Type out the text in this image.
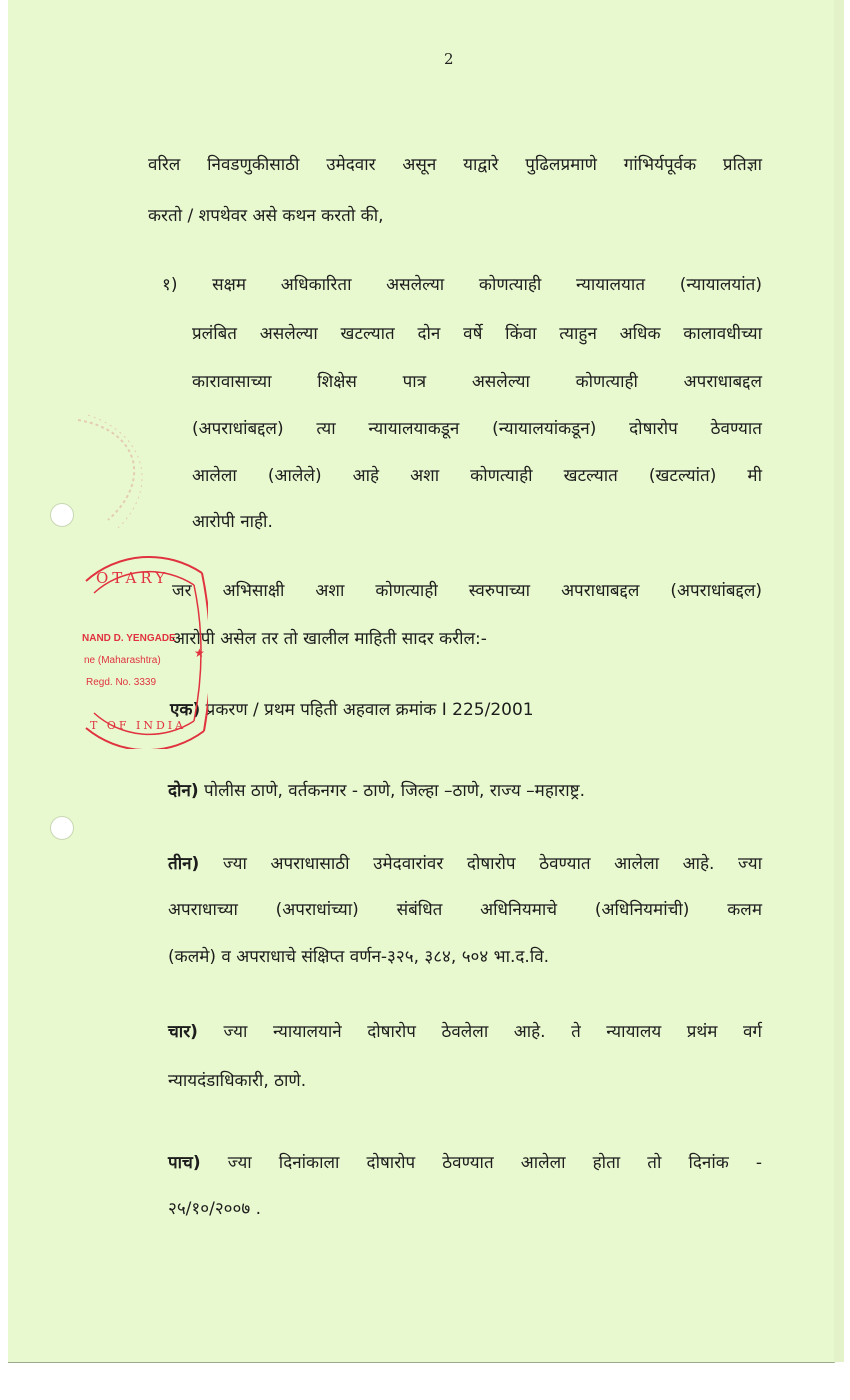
2
वरिल निवडणुकीसाठी उमेदवार असून याद्वारे पुढिलप्रमाणे गांभिर्यपूर्वक प्रतिज्ञा
करतो / शपथेवर असे कथन करतो की,
१) सक्षम अधिकारिता असलेल्या कोणत्याही न्यायालयात (न्यायालयांत)
प्रलंबित असलेल्या खटल्यात दोन वर्षे किंवा त्याहुन अधिक कालावधीच्या
कारावासाच्या शिक्षेस पात्र असलेल्या कोणत्याही अपराधाबद्दल
(अपराधांबद्दल) त्या न्यायालयाकडून (न्यायालयांकडून) दोषारोप ठेवण्यात
आलेला (आलेले) आहे अशा कोणत्याही खटल्यात (खटल्यांत) मी
आरोपी नाही.
जर अभिसाक्षी अशा कोणत्याही स्वरुपाच्या अपराधाबद्दल (अपराधांबद्दल)
आरोपी असेल तर तो खालील माहिती सादर करील:-
एक) प्रकरण / प्रथम पहिती अहवाल क्रमांक I 225/2001
दोन) पोलीस ठाणे, वर्तकनगर - ठाणे, जिल्हा –ठाणे, राज्य –महाराष्ट्र.
तीन) ज्या अपराधासाठी उमेदवारांवर दोषारोप ठेवण्यात आलेला आहे. ज्या
अपराधाच्या (अपराधांच्या) संबंधित अधिनियमाचे (अधिनियमांची) कलम
(कलमे) व अपराधाचे संक्षिप्त वर्णन-३२५, ३८४, ५०४ भा.द.वि.
चार) ज्या न्यायालयाने दोषारोप ठेवलेला आहे. ते न्यायालय प्रथंम वर्ग
न्यायदंडाधिकारी, ठाणे.
पाच) ज्या दिनांकाला दोषारोप ठेवण्यात आलेला होता तो दिनांक -
२५/१०/२००७ .
OTARY
NAND D. YENGADE
ne (Maharashtra)
Regd. No. 3339
T OF INDIA
★
